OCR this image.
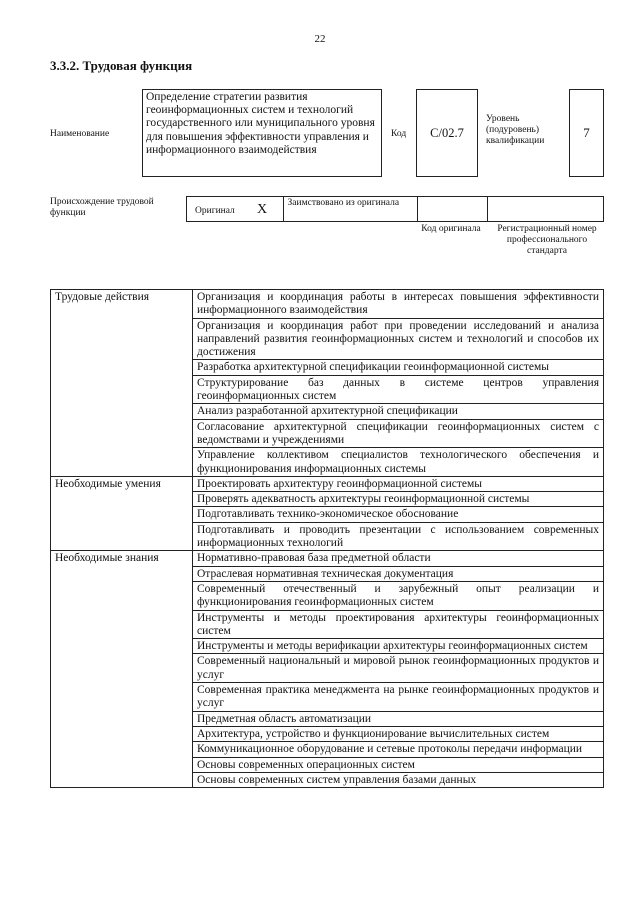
22
3.3.2. Трудовая функция
Наименование
Определение стратегии развития геоинформационных систем и технологий государственного или муниципального уровня для повышения эффективности управления и информационного взаимодействия
Код	C/02.7
Уровень (подуровень) квалификации
7
Происхождение трудовой функции	Оригинал X	Заимствовано из оригинала
Код оригинала	Регистрационный номер профессионального стандарта
Трудовые действия	Организация и координация работы в интересах повышения эффективности информационного взаимодействия
	Организация и координация работ при проведении исследований и анализа направлений развития геоинформационных систем и технологий и способов их достижения
	Разработка архитектурной спецификации геоинформационной системы
	Структурирование баз данных в системе центров управления геоинформационных систем
	Анализ разработанной архитектурной спецификации
	Согласование архитектурной спецификации геоинформационных систем с ведомствами и учреждениями
	Управление коллективом специалистов технологического обеспечения и функционирования информационных системы
Необходимые умения	Проектировать архитектуру геоинформационной системы
	Проверять адекватность архитектуры геоинформационной системы
	Подготавливать технико-экономическое обоснование
	Подготавливать и проводить презентации с использованием современных информационных технологий
Необходимые знания	Нормативно-правовая база предметной области
	Отраслевая нормативная техническая документация
	Современный отечественный и зарубежный опыт реализации и функционирования геоинформационных систем
	Инструменты и методы проектирования архитектуры геоинформационных систем
	Инструменты и методы верификации архитектуры геоинформационных систем
	Современный национальный и мировой рынок геоинформационных продуктов и услуг
	Современная практика менеджмента на рынке геоинформационных продуктов и услуг
	Предметная область автоматизации
	Архитектура, устройство и функционирование вычислительных систем
	Коммуникационное оборудование и сетевые протоколы передачи информации
	Основы современных операционных систем
	Основы современных систем управления базами данных
